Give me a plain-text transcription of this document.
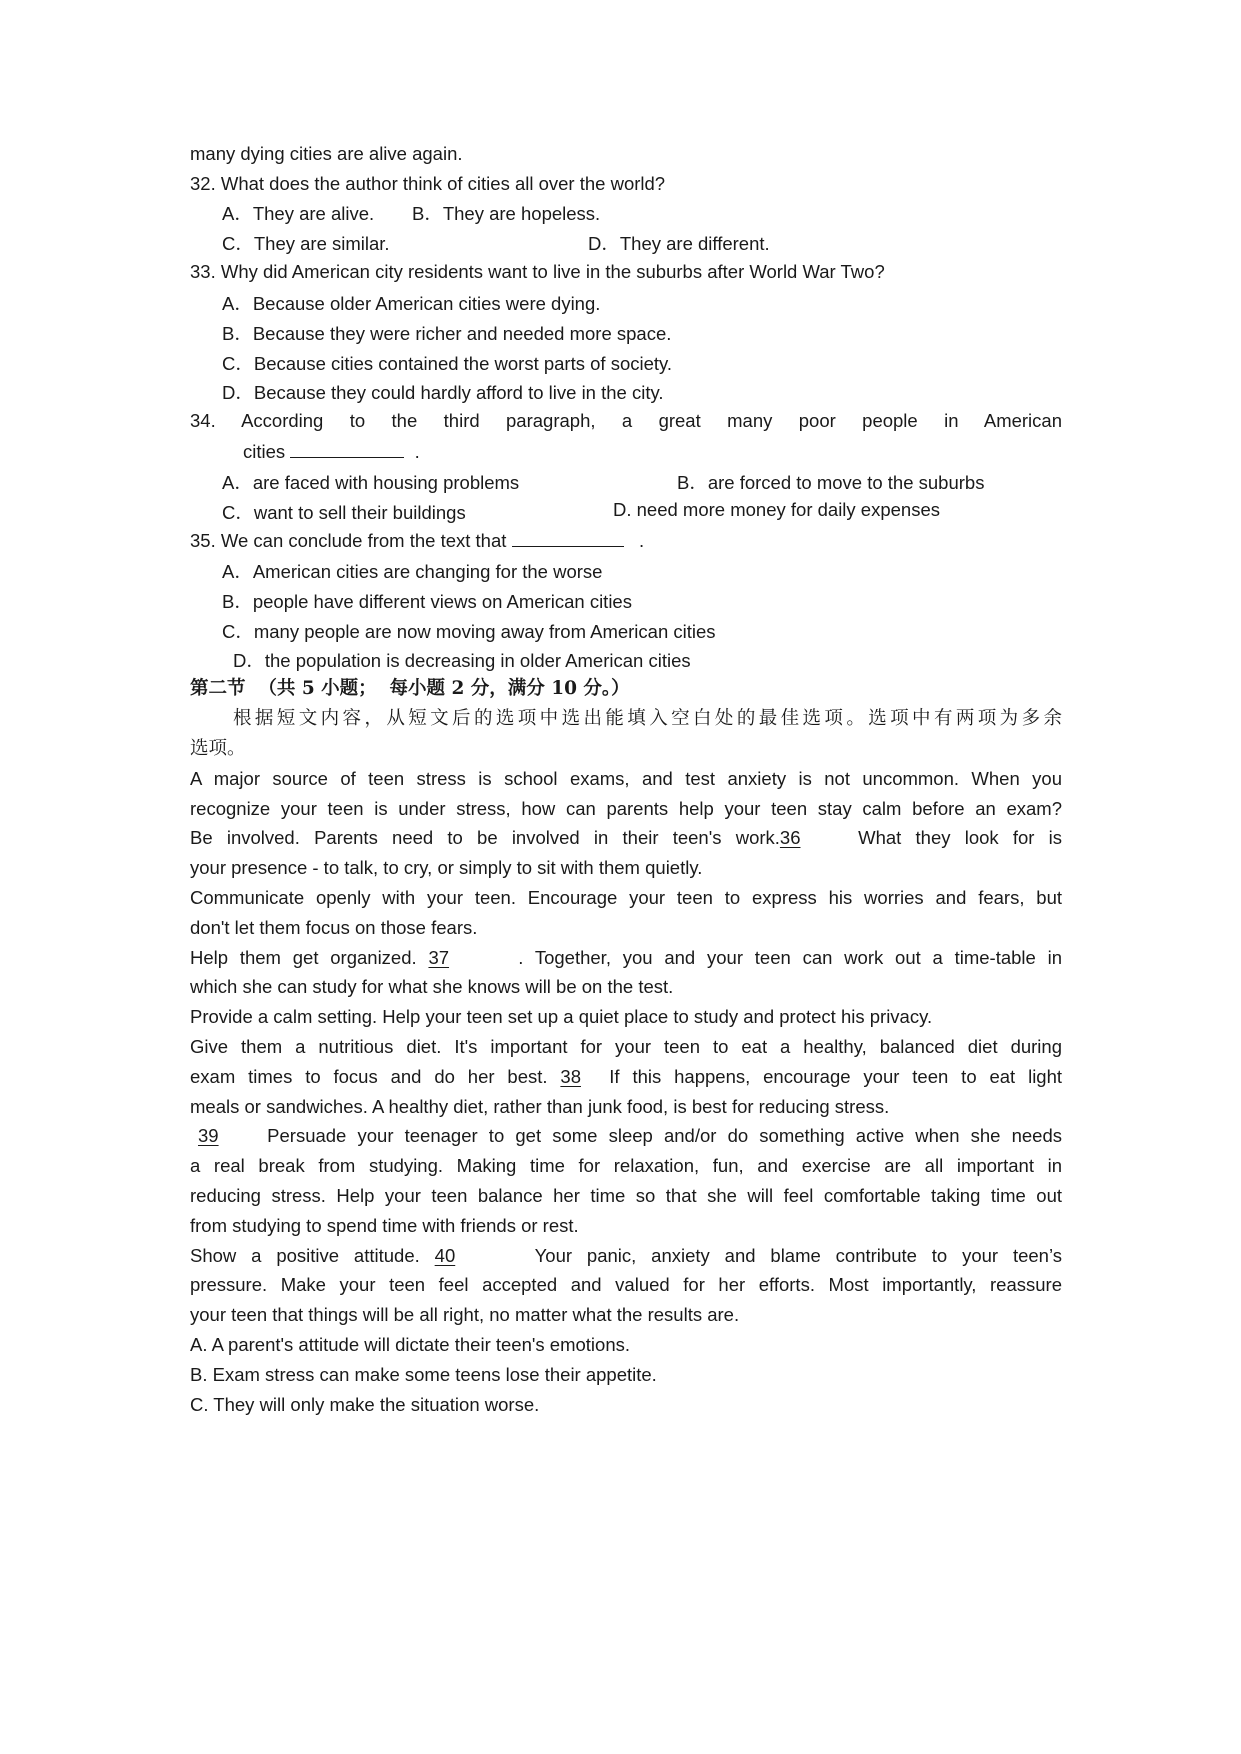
many dying cities are alive again.
32. What does the author think of cities all over the world?
A．They are alive. B．They are hopeless.
C．They are similar.	D．They are different.
33. Why did American city residents want to live in the suburbs after World War Two?
A．Because older American cities were dying.
B．Because they were richer and needed more space.
C．Because cities contained the worst parts of society.
D．Because they could hardly afford to live in the city.
34.  According  to  the  third  paragraph,  a  great  many  poor  people  in  American
cities	.
A．are faced with housing problems	B．are forced to move to the suburbs
C．want to sell their buildings	D. need more money for daily expenses
35. We can conclude from the text that	.
A．American cities are changing for the worse
B．people have different views on American cities
C．many people are now moving away from American cities
D．the population is decreasing in older American cities
第二节  （共 5 小题；  每小题 2 分，满分 10 分。）
根据短文内容，从短文后的选项中选出能填入空白处的最佳选项。选项中有两项为多余
选项。
A major source of teen stress is school exams, and test anxiety is not uncommon. When you
recognize your teen is under stress, how can parents help your teen stay calm before an exam?
Be involved. Parents need to be involved in their teen's work.36	What they look for is
your presence - to talk, to cry, or simply to sit with them quietly.
Communicate openly with your teen. Encourage your teen to express his worries and fears, but
don't let them focus on those fears.
Help them get organized. 37	. Together, you and your teen can work out a time-table in
which she can study for what she knows will be on the test.
Provide a calm setting. Help your teen set up a quiet place to study and protect his privacy.
Give them a nutritious diet. It's important for your teen to eat a healthy, balanced diet during
exam times to focus and do her best. 38 If this happens, encourage your teen to eat light
meals or sandwiches. A healthy diet, rather than junk food, is best for reducing stress.
39	Persuade your teenager to get some sleep and/or do something active when she needs
a real break from studying. Making time for relaxation, fun, and exercise are all important in
reducing stress. Help your teen balance her time so that she will feel comfortable taking time out
from studying to spend time with friends or rest.
Show a positive attitude. 40	Your panic, anxiety and blame contribute to your teen’s
pressure. Make your teen feel accepted and valued for her efforts. Most importantly, reassure
your teen that things will be all right, no matter what the results are.
A. A parent's attitude will dictate their teen's emotions.
B. Exam stress can make some teens lose their appetite.
C. They will only make the situation worse.
